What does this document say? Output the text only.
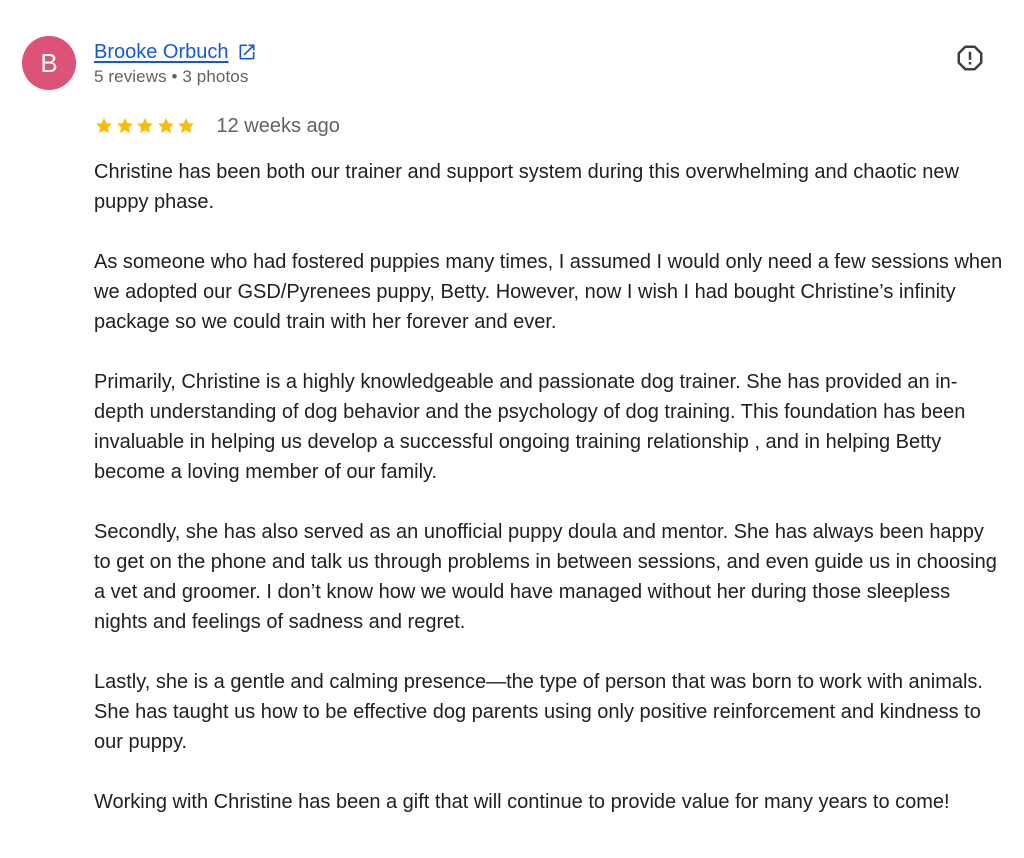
B Brooke Orbuch
5 reviews • 3 photos
12 weeks ago

Christine has been both our trainer and support system during this overwhelming and chaotic new puppy phase.

As someone who had fostered puppies many times, I assumed I would only need a few sessions when we adopted our GSD/Pyrenees puppy, Betty. However, now I wish I had bought Christine’s infinity package so we could train with her forever and ever.

Primarily, Christine is a highly knowledgeable and passionate dog trainer. She has provided an in-depth understanding of dog behavior and the psychology of dog training. This foundation has been invaluable in helping us develop a successful ongoing training relationship , and in helping Betty become a loving member of our family.

Secondly, she has also served as an unofficial puppy doula and mentor. She has always been happy to get on the phone and talk us through problems in between sessions, and even guide us in choosing a vet and groomer. I don’t know how we would have managed without her during those sleepless nights and feelings of sadness and regret.

Lastly, she is a gentle and calming presence—the type of person that was born to work with animals. She has taught us how to be effective dog parents using only positive reinforcement and kindness to our puppy.

Working with Christine has been a gift that will continue to provide value for many years to come!
